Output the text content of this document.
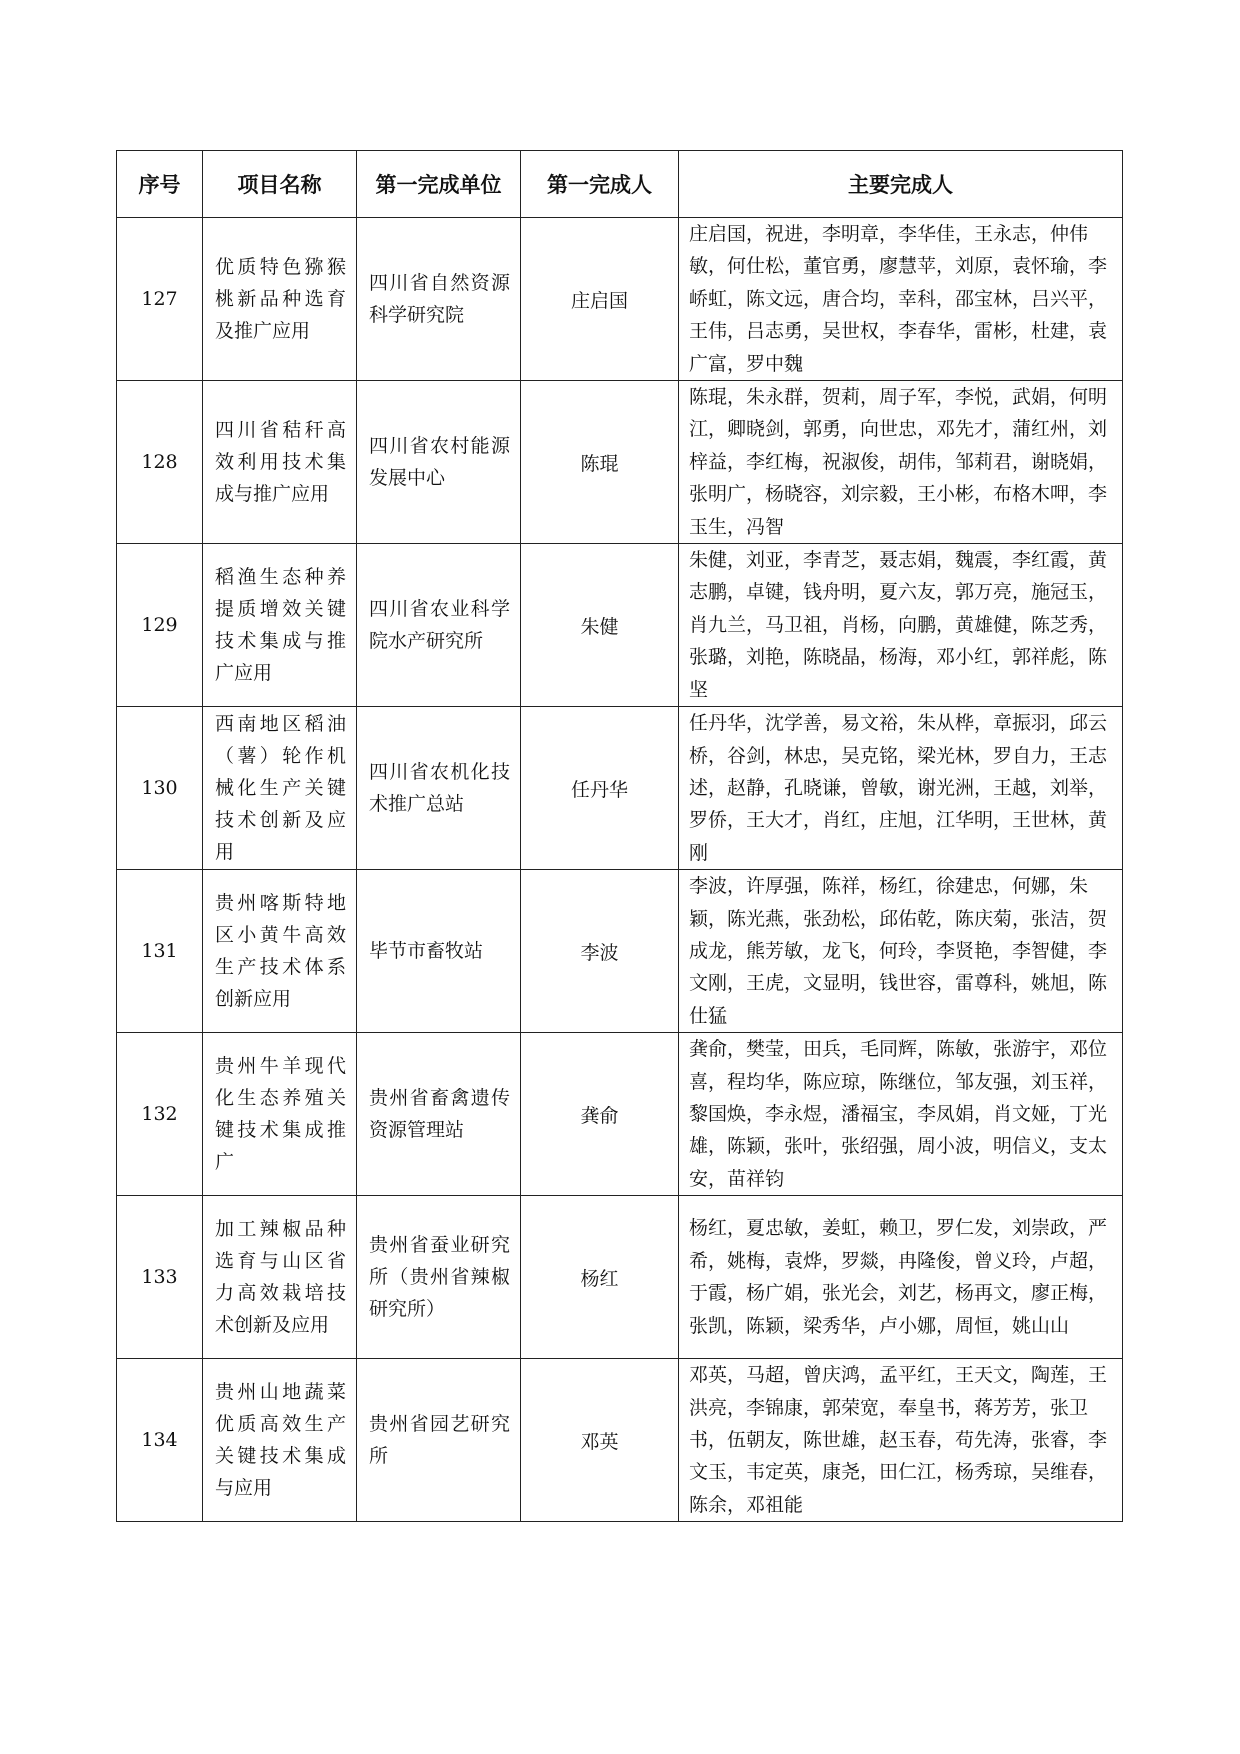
序号	项目名称	第一完成单位	第一完成人	主要完成人
127	优质特色猕猴桃新品种选育及推广应用	四川省自然资源科学研究院	庄启国	庄启国，祝进，李明章，李华佳，王永志，仲伟敏，何仕松，董官勇，廖慧苹，刘原，袁怀瑜，李峤虹，陈文远，唐合均，幸科，邵宝林，吕兴平，王伟，吕志勇，吴世权，李春华，雷彬，杜建，袁广富，罗中魏
128	四川省秸秆高效利用技术集成与推广应用	四川省农村能源发展中心	陈琨	陈琨，朱永群，贺莉，周子军，李悦，武娟，何明江，卿晓剑，郭勇，向世忠，邓先才，蒲红州，刘梓益，李红梅，祝淑俊，胡伟，邹莉君，谢晓娟，张明广，杨晓容，刘宗毅，王小彬，布格木呷，李玉生，冯智
129	稻渔生态种养提质增效关键技术集成与推广应用	四川省农业科学院水产研究所	朱健	朱健，刘亚，李青芝，聂志娟，魏震，李红霞，黄志鹏，卓键，钱舟明，夏六友，郭万亮，施冠玉，肖九兰，马卫祖，肖杨，向鹏，黄雄健，陈芝秀，张璐，刘艳，陈晓晶，杨海，邓小红，郭祥彪，陈坚
130	西南地区稻油（薯）轮作机械化生产关键技术创新及应用	四川省农机化技术推广总站	任丹华	任丹华，沈学善，易文裕，朱从桦，章振羽，邱云桥，谷剑，林忠，吴克铭，梁光林，罗自力，王志述，赵静，孔晓谦，曾敏，谢光洲，王越，刘举，罗侨，王大才，肖红，庄旭，江华明，王世林，黄刚
131	贵州喀斯特地区小黄牛高效生产技术体系创新应用	毕节市畜牧站	李波	李波，许厚强，陈祥，杨红，徐建忠，何娜，朱颖，陈光燕，张劲松，邱佑乾，陈庆菊，张洁，贺成龙，熊芳敏，龙飞，何玲，李贤艳，李智健，李文刚，王虎，文显明，钱世容，雷尊科，姚旭，陈仕猛
132	贵州牛羊现代化生态养殖关键技术集成推广	贵州省畜禽遗传资源管理站	龚俞	龚俞，樊莹，田兵，毛同辉，陈敏，张游宇，邓位喜，程均华，陈应琼，陈继位，邹友强，刘玉祥，黎国焕，李永煜，潘福宝，李凤娟，肖文娅，丁光雄，陈颖，张叶，张绍强，周小波，明信义，支太安，苗祥钧
133	加工辣椒品种选育与山区省力高效栽培技术创新及应用	贵州省蚕业研究所（贵州省辣椒研究所）	杨红	杨红，夏忠敏，姜虹，赖卫，罗仁发，刘崇政，严希，姚梅，袁烨，罗燚，冉隆俊，曾义玲，卢超，于霞，杨广娟，张光会，刘艺，杨再文，廖正梅，张凯，陈颖，梁秀华，卢小娜，周恒，姚山山
134	贵州山地蔬菜优质高效生产关键技术集成与应用	贵州省园艺研究所	邓英	邓英，马超，曾庆鸿，孟平红，王天文，陶莲，王洪亮，李锦康，郭荣宽，奉皇书，蒋芳芳，张卫书，伍朝友，陈世雄，赵玉春，苟先涛，张睿，李文玉，韦定英，康尧，田仁江，杨秀琼，吴维春，陈余，邓祖能
